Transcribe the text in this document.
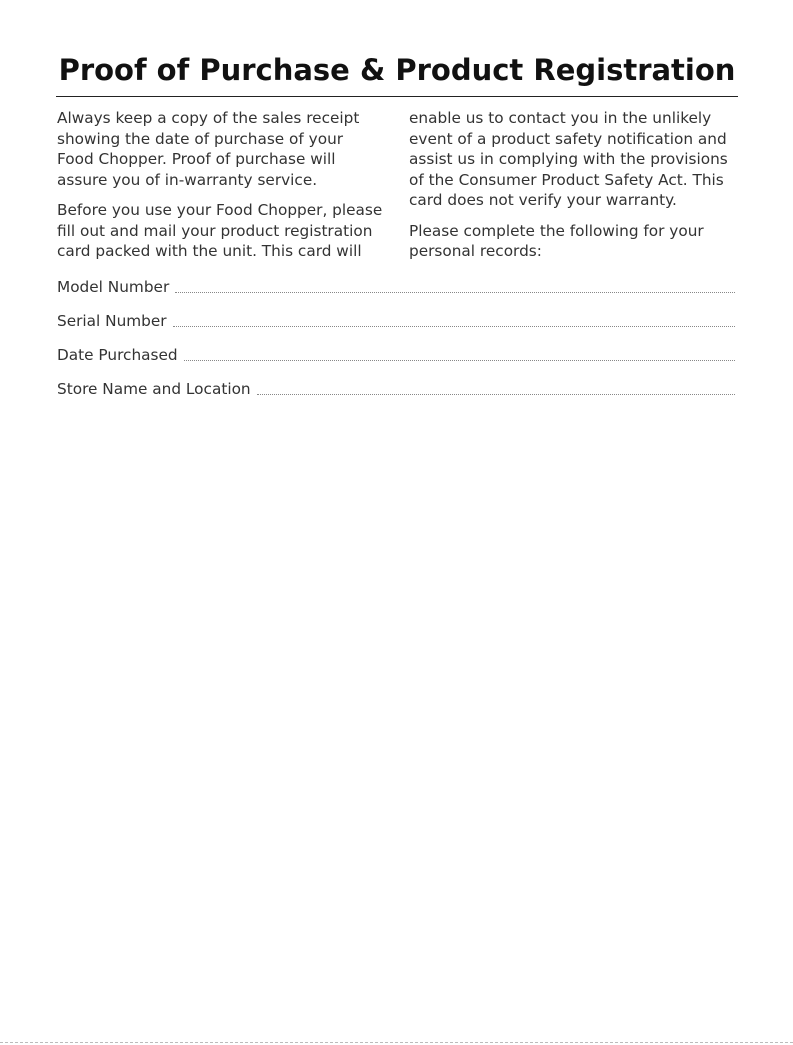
Proof of Purchase & Product Registration

Always keep a copy of the sales receipt
showing the date of purchase of your
Food Chopper. Proof of purchase will
assure you of in-warranty service.

Before you use your Food Chopper, please
fill out and mail your product registration
card packed with the unit. This card will

enable us to contact you in the unlikely
event of a product safety notification and
assist us in complying with the provisions
of the Consumer Product Safety Act. This
card does not verify your warranty.

Please complete the following for your
personal records:

Model Number
Serial Number
Date Purchased
Store Name and Location
